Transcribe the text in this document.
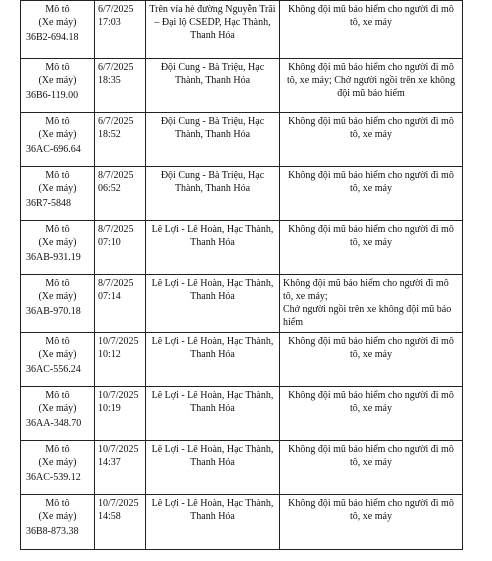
Mô tô
(Xe máy)
36B2-694.18	6/7/2025
17:03	Trên vỉa hè đường Nguyễn Trãi – Đại lộ CSEDP, Hạc Thành, Thanh Hóa	Không đội mũ bảo hiểm cho người đi mô tô, xe máy

Mô tô
(Xe máy)
36B6-119.00	6/7/2025
18:35	Đội Cung - Bà Triệu, Hạc Thành, Thanh Hóa	Không đội mũ bảo hiểm cho người đi mô tô, xe máy; Chở người ngồi trên xe không đội mũ bảo hiểm

Mô tô
(Xe máy)
36AC-696.64	6/7/2025
18:52	Đội Cung - Bà Triệu, Hạc Thành, Thanh Hóa	Không đội mũ bảo hiểm cho người đi mô tô, xe máy

Mô tô
(Xe máy)
36R7-5848	8/7/2025
06:52	Đội Cung - Bà Triệu, Hạc Thành, Thanh Hóa	Không đội mũ bảo hiểm cho người đi mô tô, xe máy

Mô tô
(Xe máy)
36AB-931.19	8/7/2025
07:10	Lê Lợi - Lê Hoàn, Hạc Thành, Thanh Hóa	Không đội mũ bảo hiểm cho người đi mô tô, xe máy

Mô tô
(Xe máy)
36AB-970.18	8/7/2025
07:14	Lê Lợi - Lê Hoàn, Hạc Thành, Thanh Hóa	Không đội mũ bảo hiểm cho người đi mô tô, xe máy;
Chở người ngồi trên xe không đội mũ bảo hiểm

Mô tô
(Xe máy)
36AC-556.24	10/7/2025
10:12	Lê Lợi - Lê Hoàn, Hạc Thành, Thanh Hóa	Không đội mũ bảo hiểm cho người đi mô tô, xe máy

Mô tô
(Xe máy)
36AA-348.70	10/7/2025
10:19	Lê Lợi - Lê Hoàn, Hạc Thành, Thanh Hóa	Không đội mũ bảo hiểm cho người đi mô tô, xe máy

Mô tô
(Xe máy)
36AC-539.12	10/7/2025
14:37	Lê Lợi - Lê Hoàn, Hạc Thành, Thanh Hóa	Không đội mũ bảo hiểm cho người đi mô tô, xe máy

Mô tô
(Xe máy)
36B8-873.38	10/7/2025
14:58	Lê Lợi - Lê Hoàn, Hạc Thành, Thanh Hóa	Không đội mũ bảo hiểm cho người đi mô tô, xe máy
